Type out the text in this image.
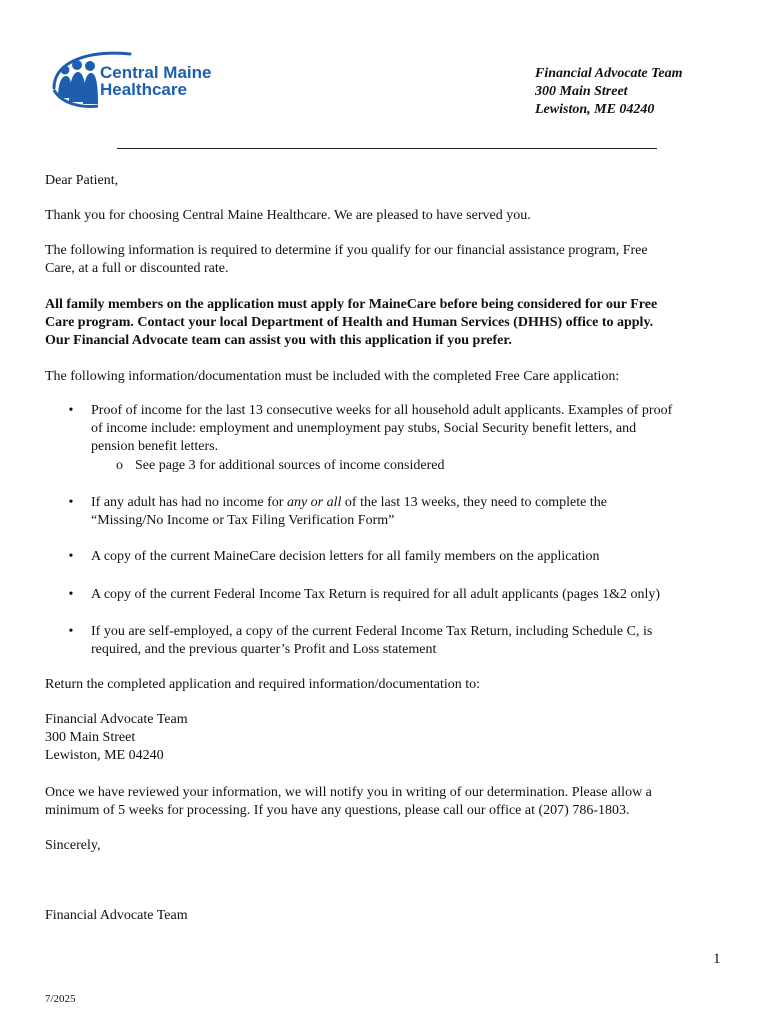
Central Maine
Healthcare
Financial Advocate Team
300 Main Street
Lewiston, ME 04240
Dear Patient,
Thank you for choosing Central Maine Healthcare. We are pleased to have served you.
The following information is required to determine if you qualify for our financial assistance program, Free
Care, at a full or discounted rate.
All family members on the application must apply for MaineCare before being considered for our Free
Care program. Contact your local Department of Health and Human Services (DHHS) office to apply.
Our Financial Advocate team can assist you with this application if you prefer.
The following information/documentation must be included with the completed Free Care application:
• Proof of income for the last 13 consecutive weeks for all household adult applicants. Examples of proof
of income include: employment and unemployment pay stubs, Social Security benefit letters, and
pension benefit letters.
o See page 3 for additional sources of income considered
• If any adult has had no income for any or all of the last 13 weeks, they need to complete the
“Missing/No Income or Tax Filing Verification Form”
• A copy of the current MaineCare decision letters for all family members on the application
• A copy of the current Federal Income Tax Return is required for all adult applicants (pages 1&2 only)
• If you are self-employed, a copy of the current Federal Income Tax Return, including Schedule C, is
required, and the previous quarter’s Profit and Loss statement
Return the completed application and required information/documentation to:
Financial Advocate Team
300 Main Street
Lewiston, ME 04240
Once we have reviewed your information, we will notify you in writing of our determination. Please allow a
minimum of 5 weeks for processing. If you have any questions, please call our office at (207) 786-1803.
Sincerely,
Financial Advocate Team
1
7/2025
